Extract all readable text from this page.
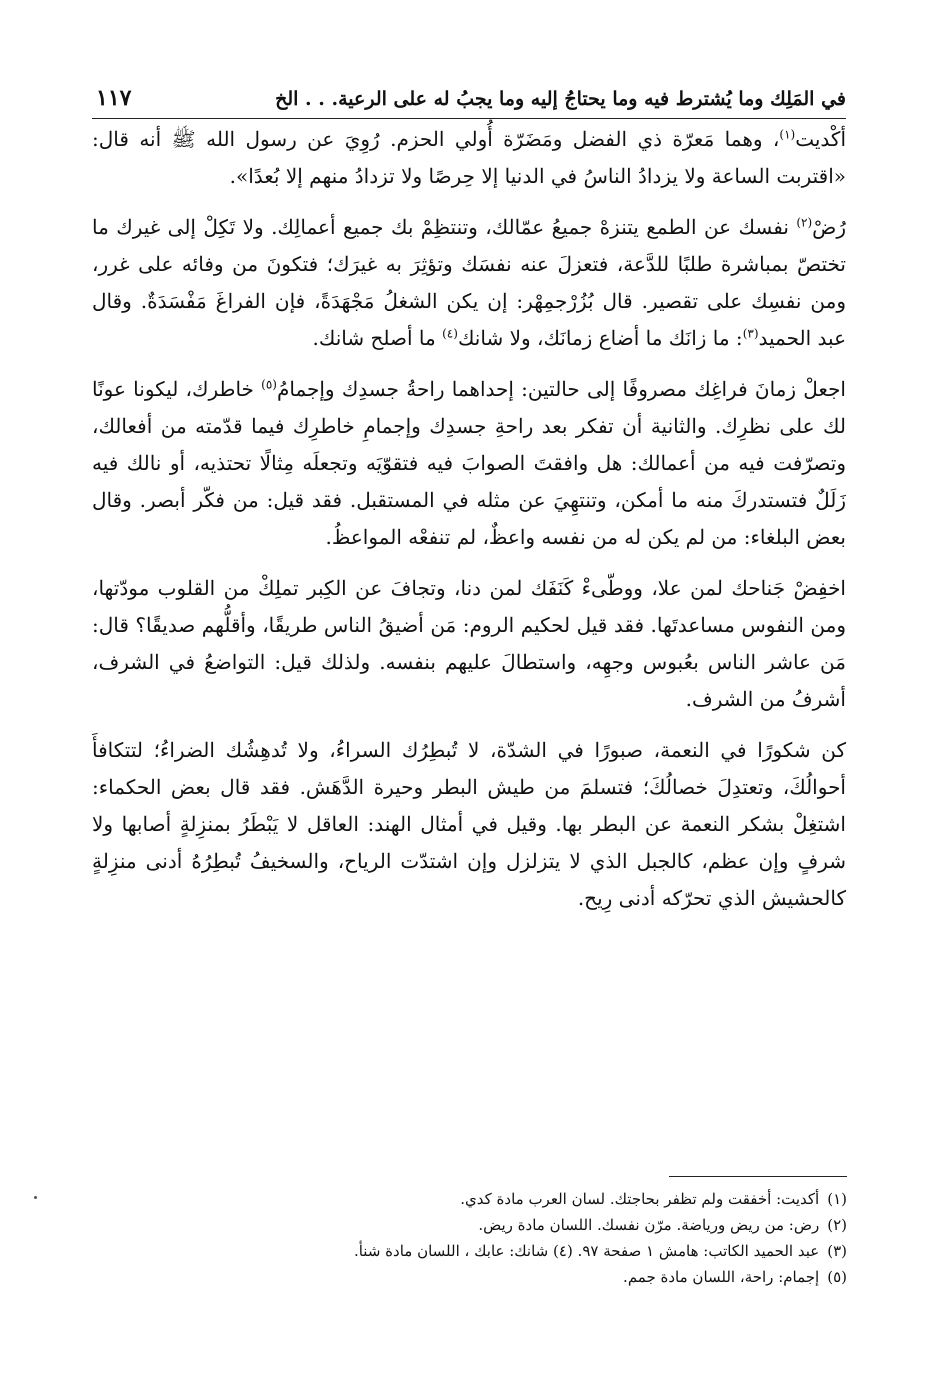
في المَلِك وما يُشترط فيه وما يحتاجُ إليه وما يجبُ له على الرعية. . . الخ
١١٧

أكْديت$^{(١)}$، وهما مَعرّة ذي الفضل ومَضَرّة أُولي الحزم. رُوِيَ عن رسول الله ﷺ أنه قال: «اقتربت الساعة ولا يزدادُ الناسُ في الدنيا إلا حِرصًا ولا تزدادُ منهم إلا بُعدًا».

رُضْ$^{(٢)}$ نفسك عن الطمع يتنزهْ جميعُ عمّالك، وتنتظِمْ بك جميع أعمالِك. ولا تَكِلْ إلى غيرك ما تختصّ بمباشرة طلبًا للدَّعة، فتعزلَ عنه نفسَك وتؤثِرَ به غيرَك؛ فتكونَ من وفائه على غرر، ومن نفسِك على تقصير. قال بُزُرْجمِهْر: إن يكن الشغلُ مَجْهَدَةً، فإن الفراغَ مَفْسَدَةٌ. وقال عبد الحميد$^{(٣)}$: ما زانَك ما أضاع زمانَك، ولا شانك$^{(٤)}$ ما أصلح شانك.

اجعلْ زمانَ فراغِك مصروفًا إلى حالتين: إحداهما راحةُ جسدِك وإجمامُ$^{(٥)}$ خاطرك، ليكونا عونًا لك على نظرِك. والثانية أن تفكر بعد راحةِ جسدِك وإجمامِ خاطرِك فيما قدّمته من أفعالك، وتصرّفت فيه من أعمالك: هل وافقتَ الصوابَ فيه فتقوّيَه وتجعلَه مِثالًا تحتذيه، أو نالك فيه زَلَلٌ فتستدركَ منه ما أمكن، وتنتهِيَ عن مثله في المستقبل. فقد قيل: من فكّر أبصر. وقال بعض البلغاء: من لم يكن له من نفسه واعظٌ، لم تنفعْه المواعظُ.

اخفِضْ جَناحك لمن علا، ووطّىءْ كَنَفَك لمن دنا، وتجافَ عن الكِبر تملِكْ من القلوب مودّتها، ومن النفوس مساعدتَها. فقد قيل لحكيم الروم: مَن أضيقُ الناس طريقًا، وأقلُّهم صديقًا؟ قال: مَن عاشر الناس بعُبوس وجهِه، واستطالَ عليهم بنفسه. ولذلك قيل: التواضعُ في الشرف، أشرفُ من الشرف.

كن شكورًا في النعمة، صبورًا في الشدّة، لا تُبطِرُك السراءُ، ولا تُدهِشُك الضراءُ؛ لتتكافأَ أحوالُكَ، وتعتدِلَ خصالُكَ؛ فتسلمَ من طيش البطر وحيرة الدَّهَش. فقد قال بعض الحكماء: اشتغِلْ بشكر النعمة عن البطر بها. وقيل في أمثال الهند: العاقل لا يَبْطَرُ بمنزِلةٍ أصابها ولا شرفٍ وإن عظم، كالجبل الذي لا يتزلزل وإن اشتدّت الرياح، والسخيفُ تُبطِرُهُ أدنى منزِلةٍ كالحشيش الذي تحرّكه أدنى رِيح.

(١)أكديت: أخفقت ولم تظفر بحاجتك. لسان العرب مادة كدي.
(٢)رض: من ريض ورياضة. مرّن نفسك. اللسان مادة ريض.
(٣)عبد الحميد الكاتب: هامش ١ صفحة ٩٧. (٤) شانك: عابك ، اللسان مادة شنأ.
(٥)إجمام: راحة، اللسان مادة جمم.
